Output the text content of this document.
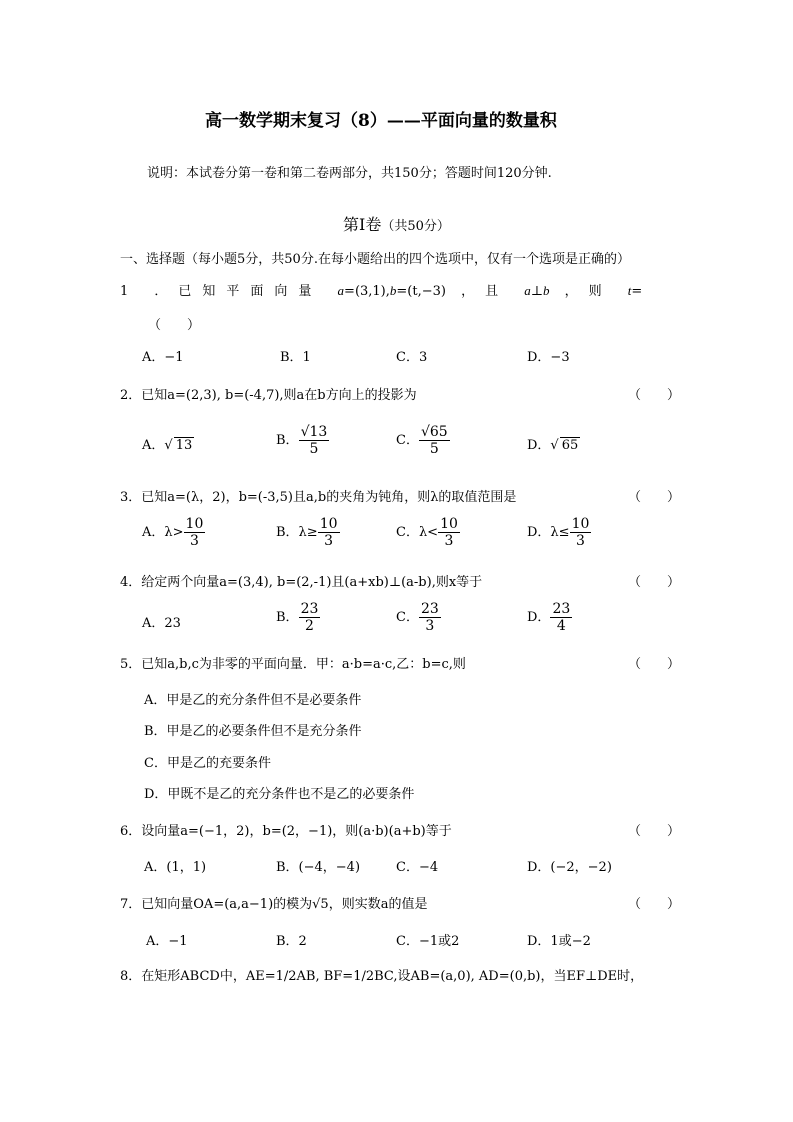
高一数学期末复习（8）——平面向量的数量积
说明：本试卷分第一卷和第二卷两部分，共150分；答题时间120分钟.
第Ⅰ卷（共50分）
一、选择题（每小题5分，共50分.在每小题给出的四个选项中，仅有一个选项是正确的）
1 ．已知平面向量 a=(3,1),b=(t,−3) ，且 a⊥b ，则 t=
（　　）
A．−1	B．1	C．3	D．−3
2．已知a=(2,3), b=(-4,7),则a在b方向上的投影为	（　　）
A．√ 13	B． $\frac{√13}{5}$	C． $\frac{√65}{5}$	D．√ 65
3．已知a=(λ，2)，b=(-3,5)且a,b的夹角为钝角，则λ的取值范围是	（　　）
A．$\lambda> \frac{10}{3}$	B．$\lambda\ge \frac{10}{3}$	C．$\lambda< \frac{10}{3}$	D．$\lambda\le \frac{10}{3}$
4．给定两个向量a=(3,4), b=(2,-1)且(a+xb)⊥(a-b),则x等于	（　　）
A．23	B． $\frac{23}{2}$	C． $\frac{23}{3}$	D． $\frac{23}{4}$
5．已知a,b,c为非零的平面向量．甲：a·b=a·c,乙：b=c,则	（　　）
A．甲是乙的充分条件但不是必要条件
B．甲是乙的必要条件但不是充分条件
C．甲是乙的充要条件
D．甲既不是乙的充分条件也不是乙的必要条件
6．设向量a=(−1，2)，b=(2，−1)，则(a·b)(a+b)等于	（　　）
A．(1，1)	B．(−4，−4)	C．−4	D．(−2，−2)
7．已知向量OA=(a,a−1)的模为√5，则实数a的值是	（　　）
A．−1	B．2	C．−1或2	D．1或−2
8．在矩形ABCD中，AE=1/2AB, BF=1/2BC,设AB=(a,0), AD=(0,b)，当EF⊥DE时，
